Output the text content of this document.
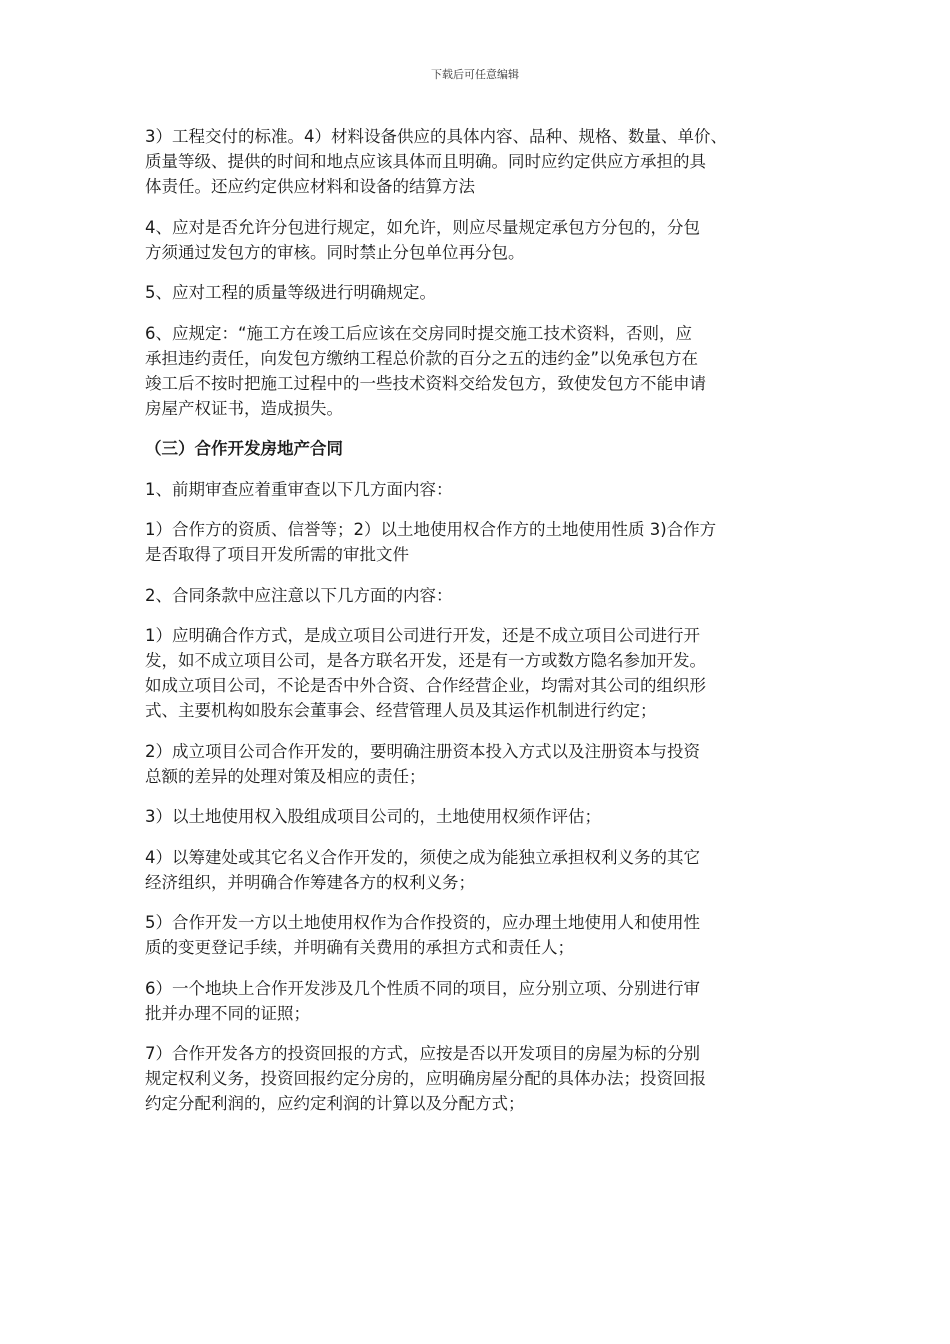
下载后可任意编辑
3）工程交付的标准。4）材料设备供应的具体内容、品种、规格、数量、单价、
质量等级、提供的时间和地点应该具体而且明确。同时应约定供应方承担的具
体责任。还应约定供应材料和设备的结算方法
4、应对是否允许分包进行规定，如允许，则应尽量规定承包方分包的，分包
方须通过发包方的审核。同时禁止分包单位再分包。
5、应对工程的质量等级进行明确规定。
6、应规定：“施工方在竣工后应该在交房同时提交施工技术资料，否则，应
承担违约责任，向发包方缴纳工程总价款的百分之五的违约金”以免承包方在
竣工后不按时把施工过程中的一些技术资料交给发包方，致使发包方不能申请
房屋产权证书，造成损失。
（三）合作开发房地产合同
1、前期审查应着重审查以下几方面内容：
1）合作方的资质、信誉等；2）以土地使用权合作方的土地使用性质 3)合作方
是否取得了项目开发所需的审批文件
2、合同条款中应注意以下几方面的内容：
1）应明确合作方式，是成立项目公司进行开发，还是不成立项目公司进行开
发，如不成立项目公司，是各方联名开发，还是有一方或数方隐名参加开发。
如成立项目公司，不论是否中外合资、合作经营企业，均需对其公司的组织形
式、主要机构如股东会董事会、经营管理人员及其运作机制进行约定；
2）成立项目公司合作开发的，要明确注册资本投入方式以及注册资本与投资
总额的差异的处理对策及相应的责任；
3）以土地使用权入股组成项目公司的，土地使用权须作评估；
4）以筹建处或其它名义合作开发的，须使之成为能独立承担权利义务的其它
经济组织，并明确合作筹建各方的权利义务；
5）合作开发一方以土地使用权作为合作投资的，应办理土地使用人和使用性
质的变更登记手续，并明确有关费用的承担方式和责任人；
6）一个地块上合作开发涉及几个性质不同的项目，应分别立项、分别进行审
批并办理不同的证照；
7）合作开发各方的投资回报的方式，应按是否以开发项目的房屋为标的分别
规定权利义务，投资回报约定分房的，应明确房屋分配的具体办法；投资回报
约定分配利润的，应约定利润的计算以及分配方式；
